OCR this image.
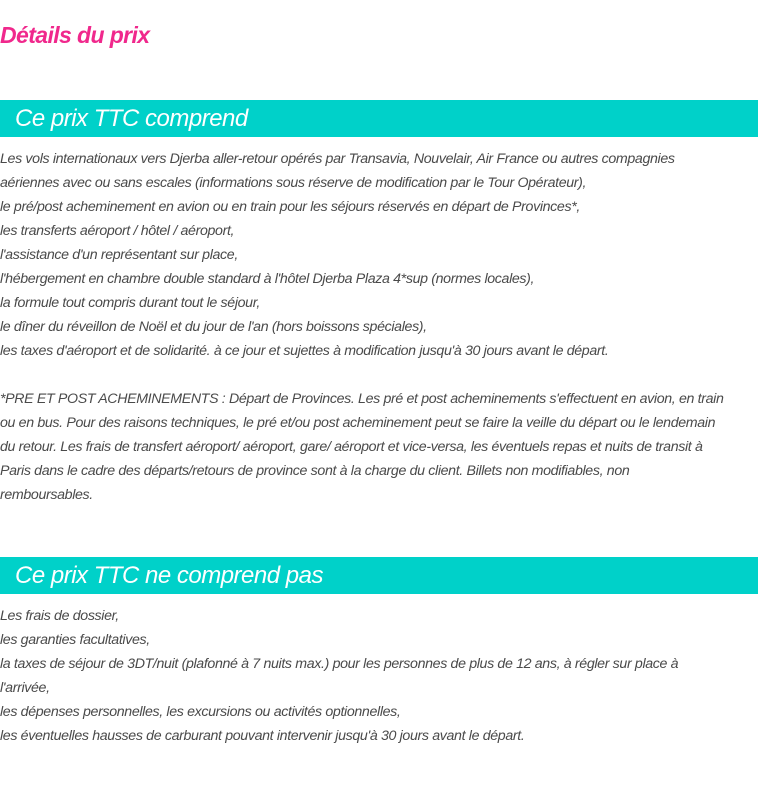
Détails du prix
Ce prix TTC comprend

Les vols internationaux vers Djerba aller-retour opérés par Transavia, Nouvelair, Air France ou autres compagnies

aériennes avec ou sans escales (informations sous réserve de modification par le Tour Opérateur),

le pré/post acheminement en avion ou en train pour les séjours réservés en départ de Provinces*,

les transferts aéroport / hôtel / aéroport,

l'assistance d'un représentant sur place,

l'hébergement en chambre double standard à l'hôtel Djerba Plaza 4*sup (normes locales),

la formule tout compris durant tout le séjour,

le dîner du réveillon de Noël et du jour de l'an (hors boissons spéciales),

les taxes d'aéroport et de solidarité. à ce jour et sujettes à modification jusqu'à 30 jours avant le départ.

*PRE ET POST ACHEMINEMENTS : Départ de Provinces. Les pré et post acheminements s'effectuent en avion, en train

ou en bus. Pour des raisons techniques, le pré et/ou post acheminement peut se faire la veille du départ ou le lendemain

du retour. Les frais de transfert aéroport/ aéroport, gare/ aéroport et vice-versa, les éventuels repas et nuits de transit à

Paris dans le cadre des départs/retours de province sont à la charge du client. Billets non modifiables, non

remboursables.

Ce prix TTC ne comprend pas

Les frais de dossier,

les garanties facultatives,

la taxes de séjour de 3DT/nuit (plafonné à 7 nuits max.) pour les personnes de plus de 12 ans, à régler sur place à

l'arrivée,

les dépenses personnelles, les excursions ou activités optionnelles,

les éventuelles hausses de carburant pouvant intervenir jusqu'à 30 jours avant le départ.
